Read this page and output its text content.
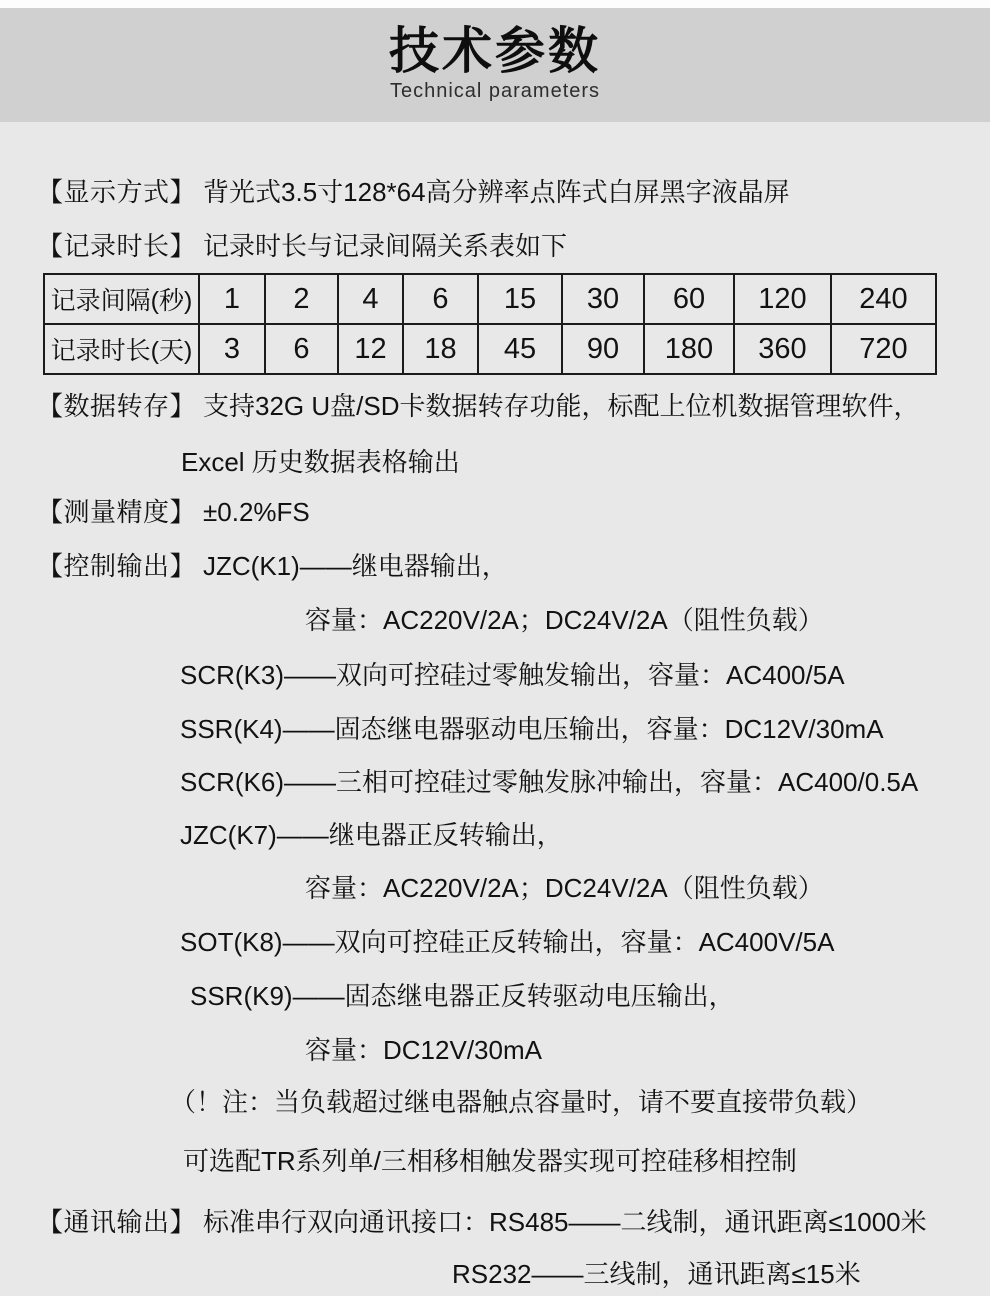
技术参数
Technical parameters
【显示方式】 背光式3.5寸128*64高分辨率点阵式白屏黑字液晶屏
【记录时长】 记录时长与记录间隔关系表如下
记录间隔(秒)	1	2	4	6	15	30	60	120	240
记录时长(天)	3	6	12	18	45	90	180	360	720
【数据转存】 支持32G U盘/SD卡数据转存功能，标配上位机数据管理软件，
Excel 历史数据表格输出
【测量精度】 ±0.2%FS
【控制输出】 JZC(K1)——继电器输出，
容量：AC220V/2A；DC24V/2A（阻性负载）
SCR(K3)——双向可控硅过零触发输出，容量：AC400/5A
SSR(K4)——固态继电器驱动电压输出，容量：DC12V/30mA
SCR(K6)——三相可控硅过零触发脉冲输出，容量：AC400/0.5A
JZC(K7)——继电器正反转输出，
容量：AC220V/2A；DC24V/2A（阻性负载）
SOT(K8)——双向可控硅正反转输出，容量：AC400V/5A
SSR(K9)——固态继电器正反转驱动电压输出，
容量：DC12V/30mA
（！注：当负载超过继电器触点容量时，请不要直接带负载）
可选配TR系列单/三相移相触发器实现可控硅移相控制
【通讯输出】 标准串行双向通讯接口：RS485——二线制，通讯距离≤1000米
RS232——三线制，通讯距离≤15米
